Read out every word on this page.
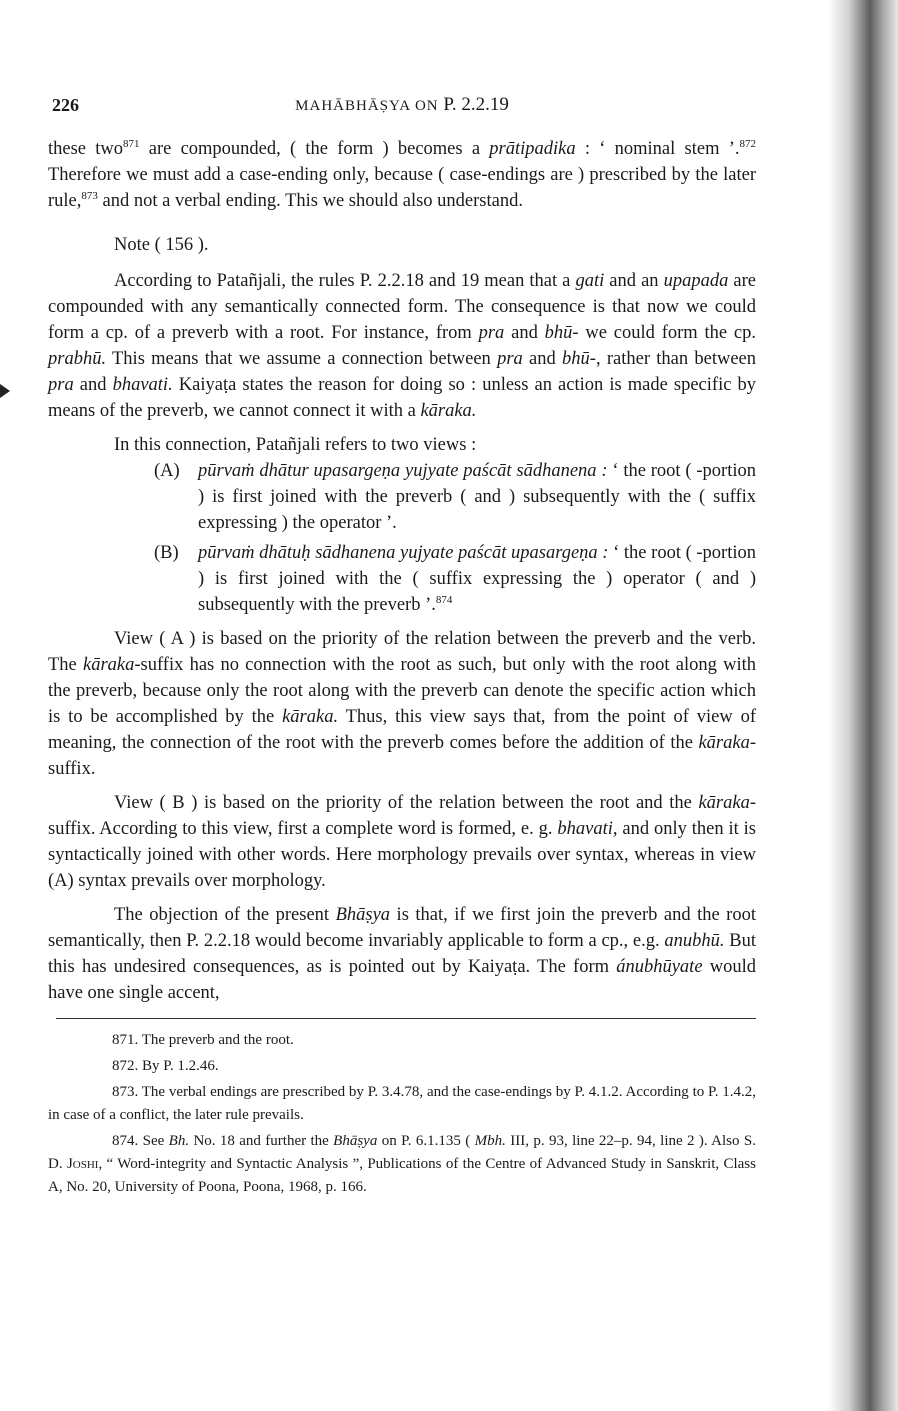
226	MAHĀBHĀṢYA ON P. 2.2.19

these two$^{871}$ are compounded, ( the form ) becomes a prātipadika : ‘ nominal stem ’.$^{872}$ Therefore we must add a case-ending only, because ( case-endings are ) prescribed by the later rule,$^{873}$ and not a verbal ending. This we should also understand.

Note ( 156 ).

According to Patañjali, the rules P. 2.2.18 and 19 mean that a gati and an upapada are compounded with any semantically connected form. The consequence is that now we could form a cp. of a preverb with a root. For instance, from pra and bhū- we could form the cp. prabhū. This means that we assume a connection between pra and bhū-, rather than between pra and bhavati. Kaiyaṭa states the reason for doing so : unless an action is made specific by means of the preverb, we cannot connect it with a kāraka.

In this connection, Patañjali refers to two views :

(A) pūrvaṁ dhātur upasargeṇa yujyate paścāt sādhanena : ‘ the root ( -portion ) is first joined with the preverb ( and ) subsequently with the ( suffix expressing ) the operator ’.
(B) pūrvaṁ dhātuḥ sādhanena yujyate paścāt upasargeṇa : ‘ the root ( -portion ) is first joined with the ( suffix expressing the ) operator ( and ) subsequently with the preverb ’.$^{874}$

View ( A ) is based on the priority of the relation between the preverb and the verb. The kāraka-suffix has no connection with the root as such, but only with the root along with the preverb, because only the root along with the preverb can denote the specific action which is to be accomplished by the kāraka. Thus, this view says that, from the point of view of meaning, the connection of the root with the preverb comes before the addition of the kāraka-suffix.

View ( B ) is based on the priority of the relation between the root and the kāraka-suffix. According to this view, first a complete word is formed, e. g. bhavati, and only then it is syntactically joined with other words. Here morphology prevails over syntax, whereas in view (A) syntax prevails over morphology.

The objection of the present Bhāṣya is that, if we first join the preverb and the root semantically, then P. 2.2.18 would become invariably applicable to form a cp., e.g. anubhū. But this has undesired consequences, as is pointed out by Kaiyaṭa. The form ánubhūyate would have one single accent,

871. The preverb and the root.
872. By P. 1.2.46.
873. The verbal endings are prescribed by P. 3.4.78, and the case-endings by P. 4.1.2. According to P. 1.4.2, in case of a conflict, the later rule prevails.
874. See Bh. No. 18 and further the Bhāṣya on P. 6.1.135 ( Mbh. III, p. 93, line 22–p. 94, line 2 ). Also S. D. Joshi, “ Word-integrity and Syntactic Analysis ”, Publications of the Centre of Advanced Study in Sanskrit, Class A, No. 20, University of Poona, Poona, 1968, p. 166.
